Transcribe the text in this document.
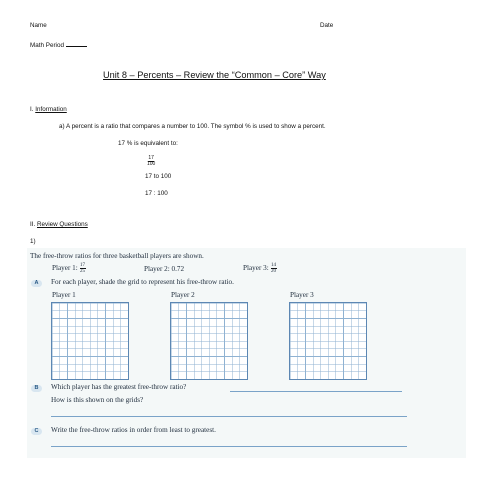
Name	Date
Math Period
Unit 8 – Percents – Review the “Common – Core” Way
I. Information
a) A percent is a ratio that compares a number to 100. The symbol % is used to show a percent.
17 % is equivalent to:
$\frac{17}{100}$
17 to 100
17 : 100
II. Review Questions
1)
The free-throw ratios for three basketball players are shown.
Player 1: $\frac{17}{25}$	Player 2: 0.72	Player 3: $\frac{14}{20}$
A	For each player, shade the grid to represent his free-throw ratio.
Player 1	Player 2	Player 3
B	Which player has the greatest free-throw ratio?
How is this shown on the grids?
C	Write the free-throw ratios in order from least to greatest.
